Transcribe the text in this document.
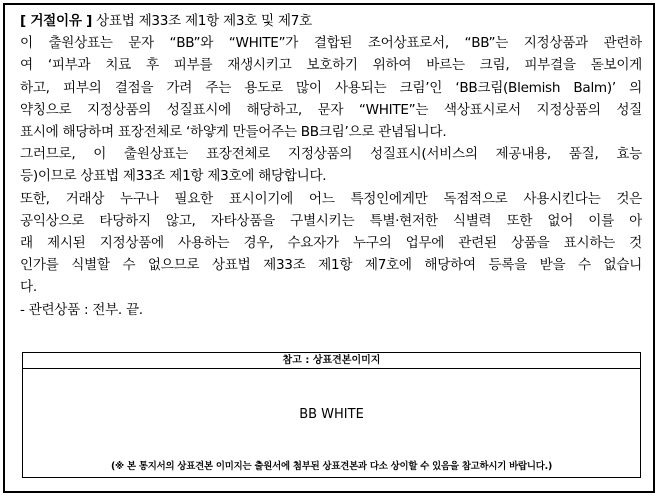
[ 거절이유 ] 상표법 제33조 제1항 제3호 및 제7호
이 출원상표는 문자 “BB”와 “WHITE”가 결합된 조어상표로서, “BB”는 지정상품과 관련하
여 ‘피부과 치료 후 피부를 재생시키고 보호하기 위하여 바르는 크림, 피부결을 돋보이게
하고, 피부의 결점을 가려 주는 용도로 많이 사용되는 크림’인 ‘BB크림(Blemish Balm)’ 의
약칭으로 지정상품의 성질표시에 해당하고, 문자 “WHITE”는 색상표시로서 지정상품의 성질
표시에 해당하며 표장전체로 ‘하얗게 만들어주는 BB크림’으로 관념됩니다.
그러므로, 이 출원상표는 표장전체로 지정상품의 성질표시(서비스의 제공내용, 품질, 효능
등)이므로 상표법 제33조 제1항 제3호에 해당합니다.
또한, 거래상 누구나 필요한 표시이기에 어느 특정인에게만 독점적으로 사용시킨다는 것은
공익상으로 타당하지 않고, 자타상품을 구별시키는 특별·현저한 식별력 또한 없어 이를 아
래 제시된 지정상품에 사용하는 경우, 수요자가 누구의 업무에 관련된 상품을 표시하는 것
인가를 식별할 수 없으므로 상표법 제33조 제1항 제7호에 해당하여 등록을 받을 수 없습니
다.
- 관련상품 : 전부. 끝.
참고 : 상표견본이미지
BB WHITE
(※ 본 통지서의 상표견본 이미지는 출원서에 첨부된 상표견본과 다소 상이할 수 있음을 참고하시기 바랍니다.)
